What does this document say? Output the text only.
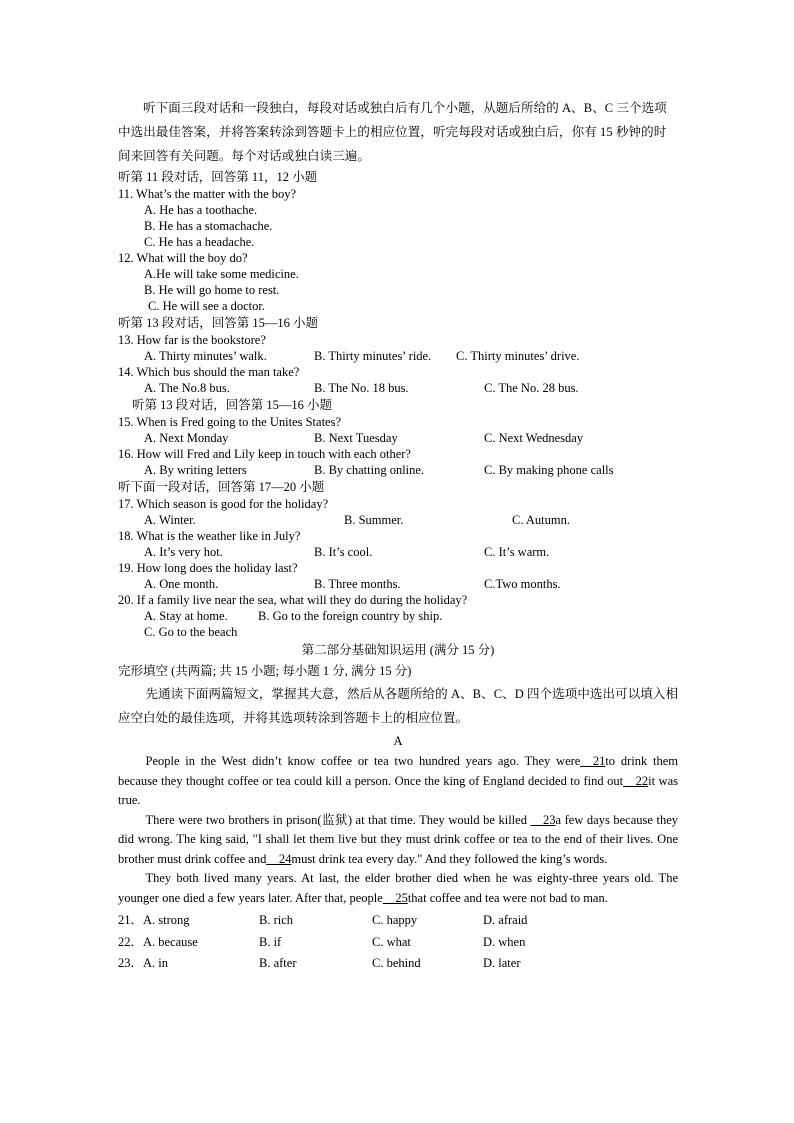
听下面三段对话和一段独白，每段对话或独白后有几个小题，从题后所给的 A、B、C 三个选项中选出最佳答案，并将答案转涂到答题卡上的相应位置，听完每段对话或独白后，你有 15 秒钟的时间来回答有关问题。每个对话或独白读三遍。

听第 11 段对话，回答第 11，12 小题
11. What’s the matter with the boy?
A. He has a toothache.
B. He has a stomachache.
C. He has a headache.
12. What will the boy do?
A.He will take some medicine.
B. He will go home to rest.
C. He will see a doctor.
听第 13 段对话，回答第 15—16 小题
13. How far is the bookstore?
A. Thirty minutes’ walk.	B. Thirty minutes’ ride. C. Thirty minutes’ drive.
14. Which bus should the man take?
A. The No.8 bus.	B. The No. 18 bus.	C. The No. 28 bus.
听第 13 段对话，回答第 15—16 小题
15. When is Fred going to the Unites States?
A. Next Monday	B. Next Tuesday	C. Next Wednesday
16. How will Fred and Lily keep in touch with each other?
A. By writing letters	B. By chatting online.	C. By making phone calls
听下面一段对话，回答第 17—20 小题
17. Which season is good for the holiday?
A. Winter.	B. Summer.	C. Autumn.
18. What is the weather like in July?
A. It’s very hot.	B. It’s cool.	C. It’s warm.
19. How long does the holiday last?
A. One month.	B. Three months.	C.Two months.
20. If a family live near the sea, what will they do during the holiday?
A. Stay at home. B. Go to the foreign country by ship.
C. Go to the beach
第二部分基础知识运用 (满分 15 分)
完形填空 (共两篇; 共 15 小题; 每小题 1 分, 满分 15 分)

先通读下面两篇短文，掌握其大意，然后从各题所给的 A、B、C、D 四个选项中选出可以填入相应空白处的最佳选项，并将其选项转涂到答题卡上的相应位置。

A

People in the West didn’t know coffee or tea two hundred years ago. They were__21to drink them because they thought coffee or tea could kill a person. Once the king of England decided to find out__22it was true.

There were two brothers in prison(监狱) at that time. They would be killed __23a few days because they did wrong. The king said, "I shall let them live but they must drink coffee or tea to the end of their lives. One brother must drink coffee and__24must drink tea every day." And they followed the king’s words.

They both lived many years. At last, the elder brother died when he was eighty-three years old. The younger one died a few years later. After that, people__25that coffee and tea were not bad to man.

21．A. strong	B. rich	C. happy	D. afraid
22．A. because	B. if	C. what	D. when
23．A. in	B. after	C. behind	D. later
